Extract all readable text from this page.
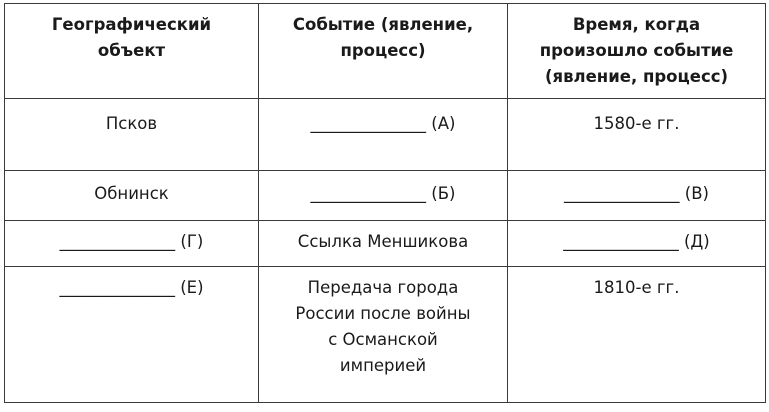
Географический
объект	Событие (явление,
процесс)	Время, когда
произошло событие
(явление, процесс)
Псков	______________ (А)	1580-е гг.
Обнинск	______________ (Б)	______________ (В)
______________ (Г)	Ссылка Меншикова	______________ (Д)
______________ (Е)	Передача города
России после войны
с Османской
империей	1810-е гг.
